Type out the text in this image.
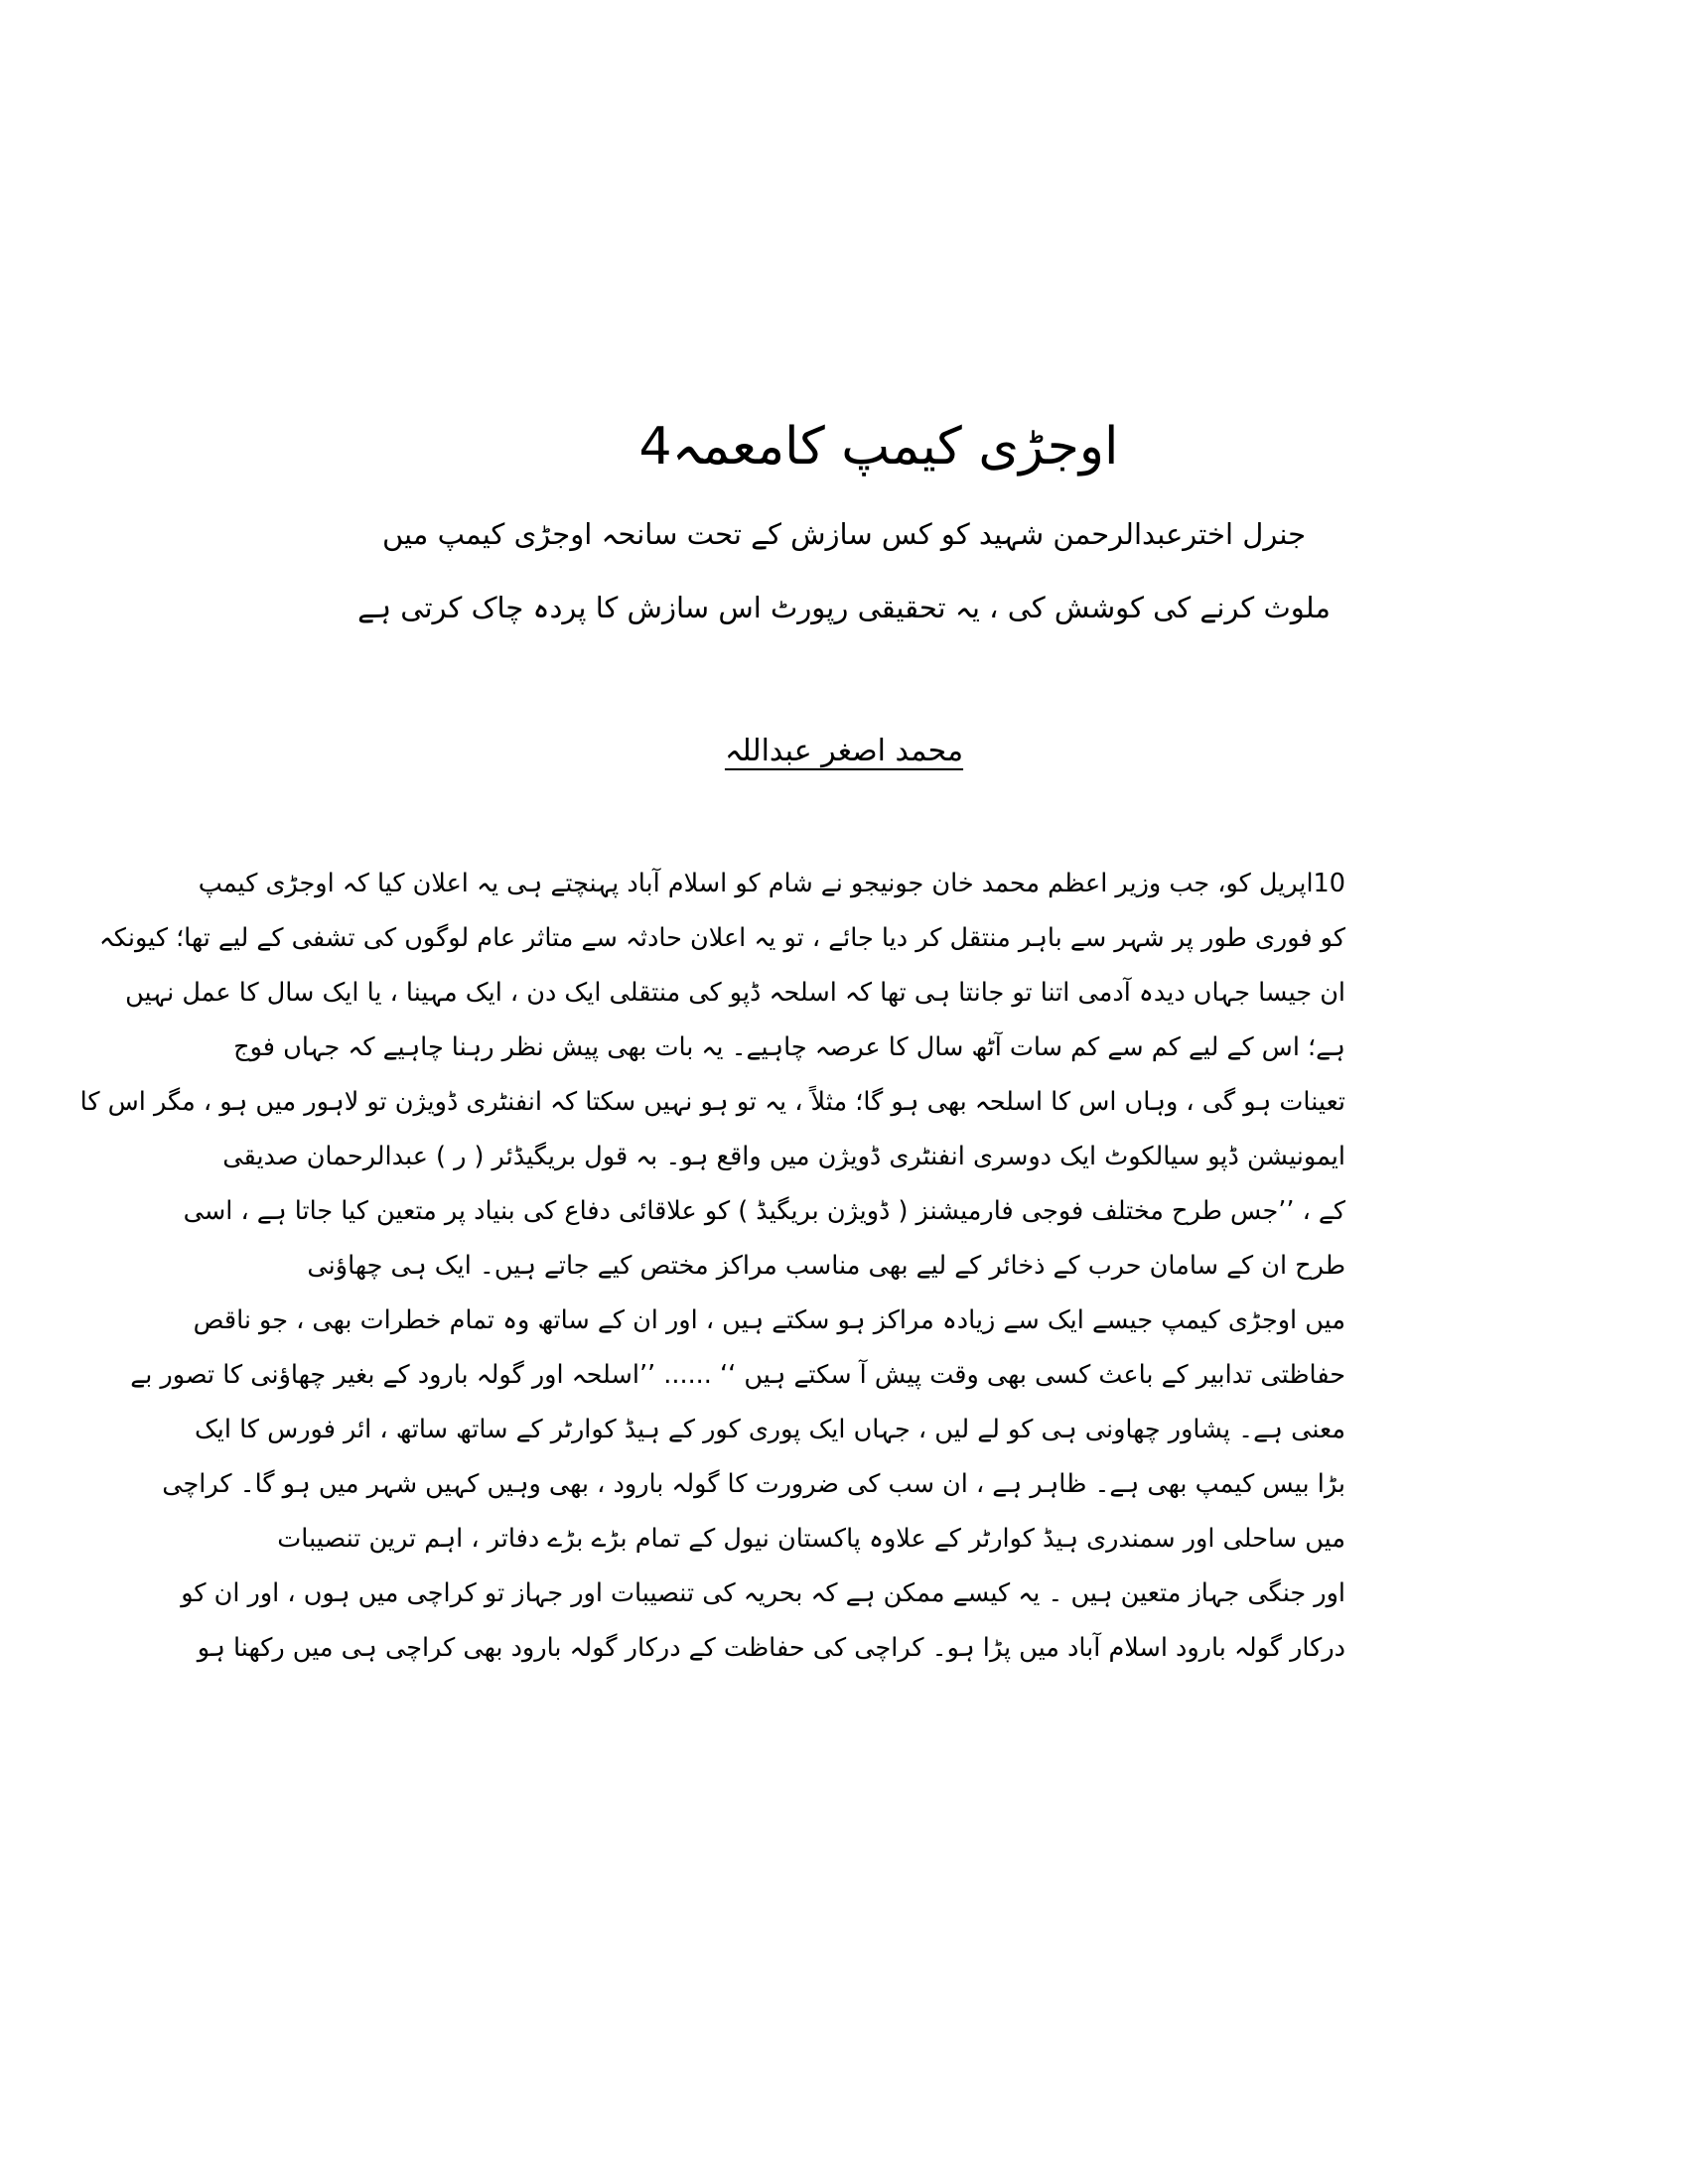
اوجڑی کیمپ کامعمہ4
جنرل اخترعبدالرحمن شہید کو کس سازش کے تحت سانحہ اوجڑی کیمپ میں
ملوث کرنے کی کوشش کی ، یہ تحقیقی رپورٹ اس سازش کا پردہ چاک کرتی ہے
محمد اصغر عبداللہ
10اپریل کو، جب وزیر اعظم محمد خان جونیجو نے شام کو اسلام آباد پہنچتے ہی یہ اعلان کیا کہ اوجڑی کیمپ
کو فوری طور پر شہر سے باہر منتقل کر دیا جائے ، تو یہ اعلان حادثہ سے متاثر عام لوگوں کی تشفی کے لیے تھا؛ کیونکہ
ان جیسا جہاں دیدہ آدمی اتنا تو جانتا ہی تھا کہ اسلحہ ڈپو کی منتقلی ایک دن ، ایک مہینا ، یا ایک سال کا عمل نہیں
ہے؛ اس کے لیے کم سے کم سات آٹھ سال کا عرصہ چاہیے۔ یہ بات بھی پیش نظر رہنا چاہیے کہ جہاں فوج
تعینات ہو گی ، وہاں اس کا اسلحہ بھی ہو گا؛ مثلاً ، یہ تو ہو نہیں سکتا کہ انفنٹری ڈویژن تو لاہور میں ہو ، مگر اس کا
ایمونیشن ڈپو سیالکوٹ ایک دوسری انفنٹری ڈویژن میں واقع ہو۔ بہ قول بریگیڈئر ( ر ) عبدالرحمان صدیقی
کے ، ’’جس طرح مختلف فوجی فارمیشنز ( ڈویژن بریگیڈ ) کو علاقائی دفاع کی بنیاد پر متعین کیا جاتا ہے ، اسی
طرح ان کے سامان حرب کے ذخائر کے لیے بھی مناسب مراکز مختص کیے جاتے ہیں۔ ایک ہی چھاؤنی
میں اوجڑی کیمپ جیسے ایک سے زیادہ مراکز ہو سکتے ہیں ، اور ان کے ساتھ وہ تمام خطرات بھی ، جو ناقص
حفاظتی تدابیر کے باعث کسی بھی وقت پیش آ سکتے ہیں ‘‘ ...... ’’اسلحہ اور گولہ بارود کے بغیر چھاؤنی کا تصور بے
معنی ہے۔ پشاور چھاونی ہی کو لے لیں ، جہاں ایک پوری کور کے ہیڈ کوارٹر کے ساتھ ساتھ ، ائر فورس کا ایک
بڑا بیس کیمپ بھی ہے۔ ظاہر ہے ، ان سب کی ضرورت کا گولہ بارود ، بھی وہیں کہیں شہر میں ہو گا۔ کراچی
میں ساحلی اور سمندری ہیڈ کوارٹر کے علاوہ پاکستان نیول کے تمام بڑے بڑے دفاتر ، اہم ترین تنصیبات
اور جنگی جہاز متعین ہیں ۔ یہ کیسے ممکن ہے کہ بحریہ کی تنصیبات اور جہاز تو کراچی میں ہوں ، اور ان کو
درکار گولہ بارود اسلام آباد میں پڑا ہو۔ کراچی کی حفاظت کے درکار گولہ بارود بھی کراچی ہی میں رکھنا ہو
